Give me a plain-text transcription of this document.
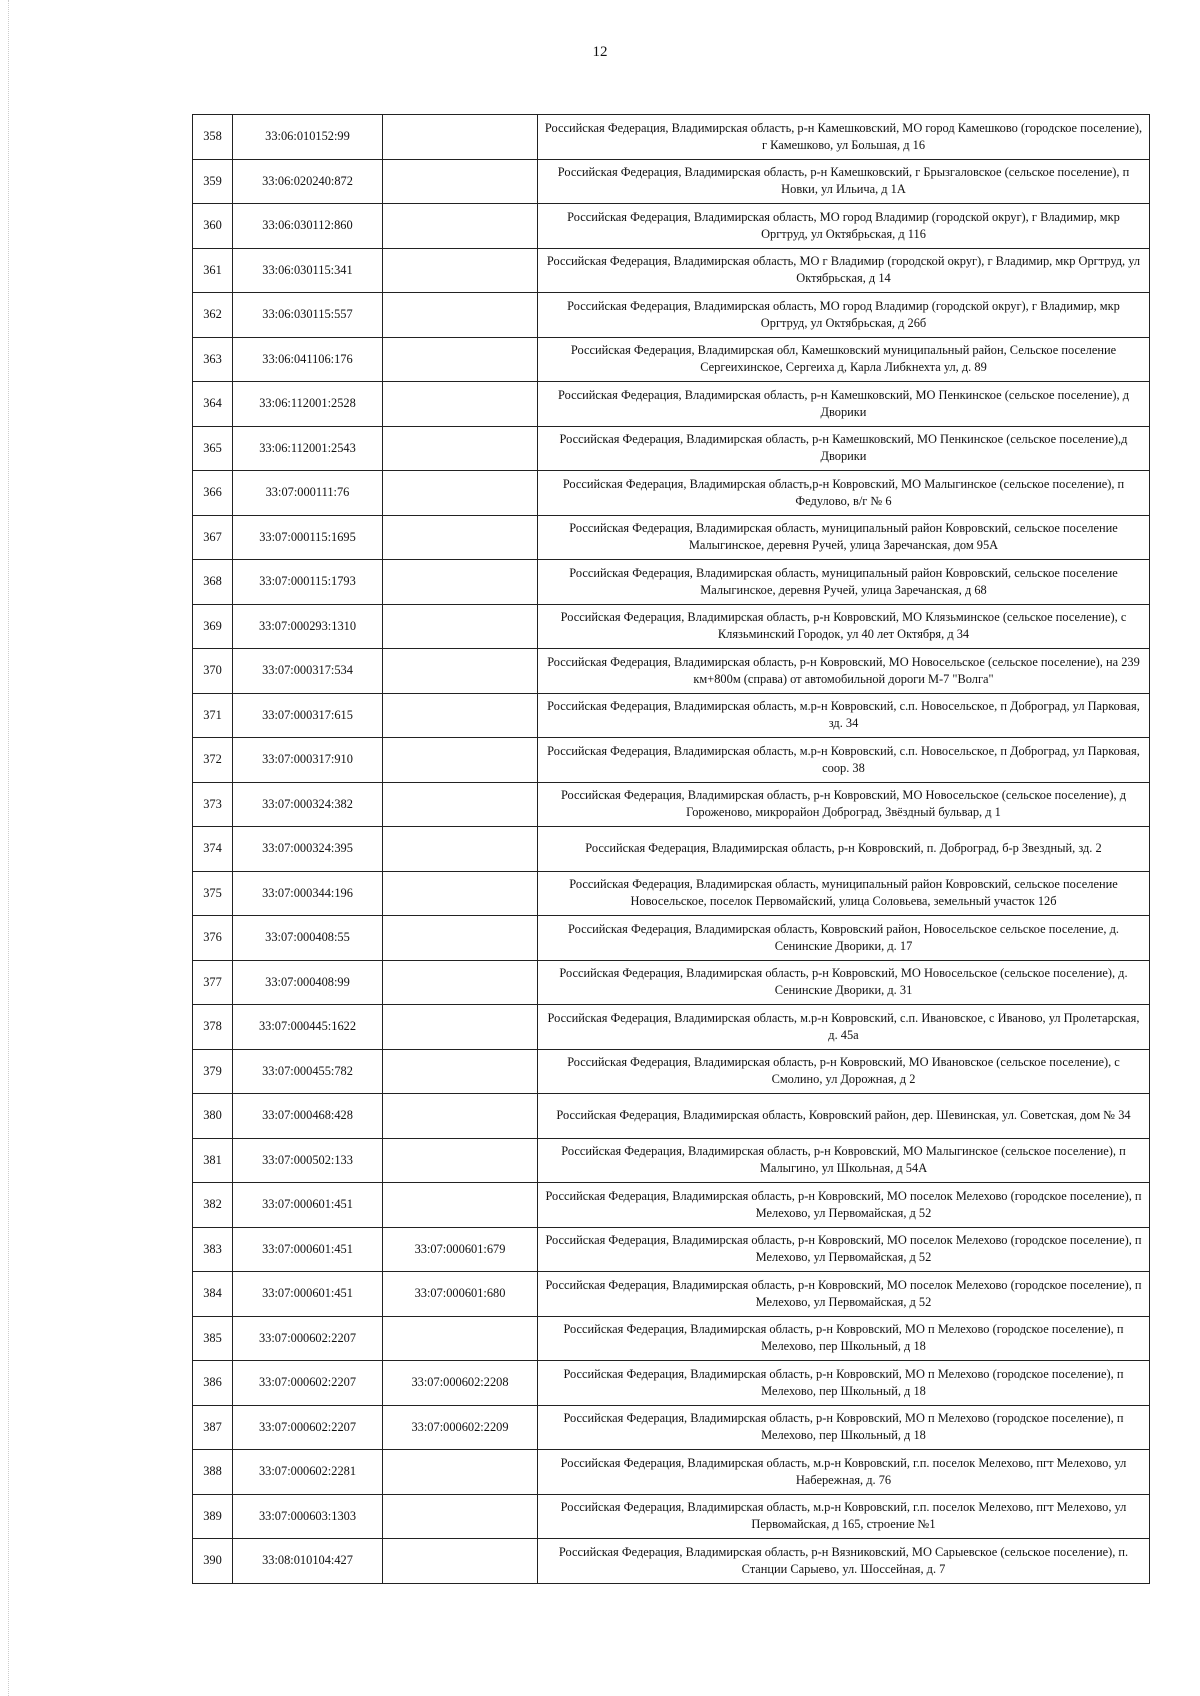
12
358	33:06:010152:99		Российская Федерация, Владимирская область, р-н Камешковский, МО город Камешково (городское поселение), г Камешково, ул Большая, д 16
359	33:06:020240:872		Российская Федерация, Владимирская область, р-н Камешковский, г Брызгаловское (сельское поселение), п Новки, ул Ильича, д 1А
360	33:06:030112:860		Российская Федерация, Владимирская область, МО город Владимир (городской округ), г Владимир, мкр Оргтруд, ул Октябрьская, д 116
361	33:06:030115:341		Российская Федерация, Владимирская область, МО г Владимир (городской округ), г Владимир, мкр Оргтруд, ул Октябрьская, д 14
362	33:06:030115:557		Российская Федерация, Владимирская область, МО город Владимир (городской округ), г Владимир, мкр Оргтруд, ул Октябрьская, д 26б
363	33:06:041106:176		Российская Федерация, Владимирская обл, Камешковский муниципальный район, Сельское поселение Сергеихинское, Сергеиха д, Карла Либкнехта ул, д. 89
364	33:06:112001:2528		Российская Федерация, Владимирская область, р-н Камешковский, МО Пенкинское (сельское поселение), д Дворики
365	33:06:112001:2543		Российская Федерация, Владимирская область, р-н Камешковский, МО Пенкинское (сельское поселение),д Дворики
366	33:07:000111:76		Российская Федерация, Владимирская область,р-н Ковровский, МО Малыгинское (сельское поселение), п Федулово, в/г № 6
367	33:07:000115:1695		Российская Федерация, Владимирская область, муниципальный район Ковровский, сельское поселение Малыгинское, деревня Ручей, улица Заречанская, дом 95А
368	33:07:000115:1793		Российская Федерация, Владимирская область, муниципальный район Ковровский, сельское поселение Малыгинское, деревня Ручей, улица Заречанская, д 68
369	33:07:000293:1310		Российская Федерация, Владимирская область, р-н Ковровский, МО Клязьминское (сельское поселение), с Клязьминский Городок, ул 40 лет Октября, д 34
370	33:07:000317:534		Российская Федерация, Владимирская область, р-н Ковровский, МО Новосельское (сельское поселение), на 239 км+800м (справа) от автомобильной дороги М-7 "Волга"
371	33:07:000317:615		Российская Федерация, Владимирская область, м.р-н Ковровский, с.п. Новосельское, п Доброград, ул Парковая, зд. 34
372	33:07:000317:910		Российская Федерация, Владимирская область, м.р-н Ковровский, с.п. Новосельское, п Доброград, ул Парковая, соор. 38
373	33:07:000324:382		Российская Федерация, Владимирская область, р-н Ковровский, МО Новосельское (сельское поселение), д Гороженово, микрорайон Доброград, Звёздный бульвар, д 1
374	33:07:000324:395		Российская Федерация, Владимирская область, р-н Ковровский, п. Доброград, б-р Звездный, зд. 2
375	33:07:000344:196		Российская Федерация, Владимирская область, муниципальный район Ковровский, сельское поселение Новосельское, поселок Первомайский, улица Соловьева, земельный участок 12б
376	33:07:000408:55		Российская Федерация, Владимирская область, Ковровский район, Новосельское сельское поселение, д. Сенинские Дворики, д. 17
377	33:07:000408:99		Российская Федерация, Владимирская область, р-н Ковровский, МО Новосельское (сельское поселение), д. Сенинские Дворики, д. 31
378	33:07:000445:1622		Российская Федерация, Владимирская область, м.р-н Ковровский, с.п. Ивановское, с Иваново, ул Пролетарская, д. 45а
379	33:07:000455:782		Российская Федерация, Владимирская область, р-н Ковровский, МО Ивановское (сельское поселение), с Смолино, ул Дорожная, д 2
380	33:07:000468:428		Российская Федерация, Владимирская область, Ковровский район, дер. Шевинская, ул. Советская, дом № 34
381	33:07:000502:133		Российская Федерация, Владимирская область, р-н Ковровский, МО Малыгинское (сельское поселение), п Малыгино, ул Школьная, д 54А
382	33:07:000601:451		Российская Федерация, Владимирская область, р-н Ковровский, МО поселок Мелехово (городское поселение), п Мелехово, ул Первомайская, д 52
383	33:07:000601:451	33:07:000601:679	Российская Федерация, Владимирская область, р-н Ковровский, МО поселок Мелехово (городское поселение), п Мелехово, ул Первомайская, д 52
384	33:07:000601:451	33:07:000601:680	Российская Федерация, Владимирская область, р-н Ковровский, МО поселок Мелехово (городское поселение), п Мелехово, ул Первомайская, д 52
385	33:07:000602:2207		Российская Федерация, Владимирская область, р-н Ковровский, МО п Мелехово (городское поселение), п Мелехово, пер Школьный, д 18
386	33:07:000602:2207	33:07:000602:2208	Российская Федерация, Владимирская область, р-н Ковровский, МО п Мелехово (городское поселение), п Мелехово, пер Школьный, д 18
387	33:07:000602:2207	33:07:000602:2209	Российская Федерация, Владимирская область, р-н Ковровский, МО п Мелехово (городское поселение), п Мелехово, пер Школьный, д 18
388	33:07:000602:2281		Российская Федерация, Владимирская область, м.р-н Ковровский, г.п. поселок Мелехово, пгт Мелехово, ул Набережная, д. 76
389	33:07:000603:1303		Российская Федерация, Владимирская область, м.р-н Ковровский, г.п. поселок Мелехово, пгт Мелехово, ул Первомайская, д 165, строение №1
390	33:08:010104:427		Российская Федерация, Владимирская область, р-н Вязниковский, МО Сарыевское (сельское поселение), п. Станции Сарыево, ул. Шоссейная, д. 7
